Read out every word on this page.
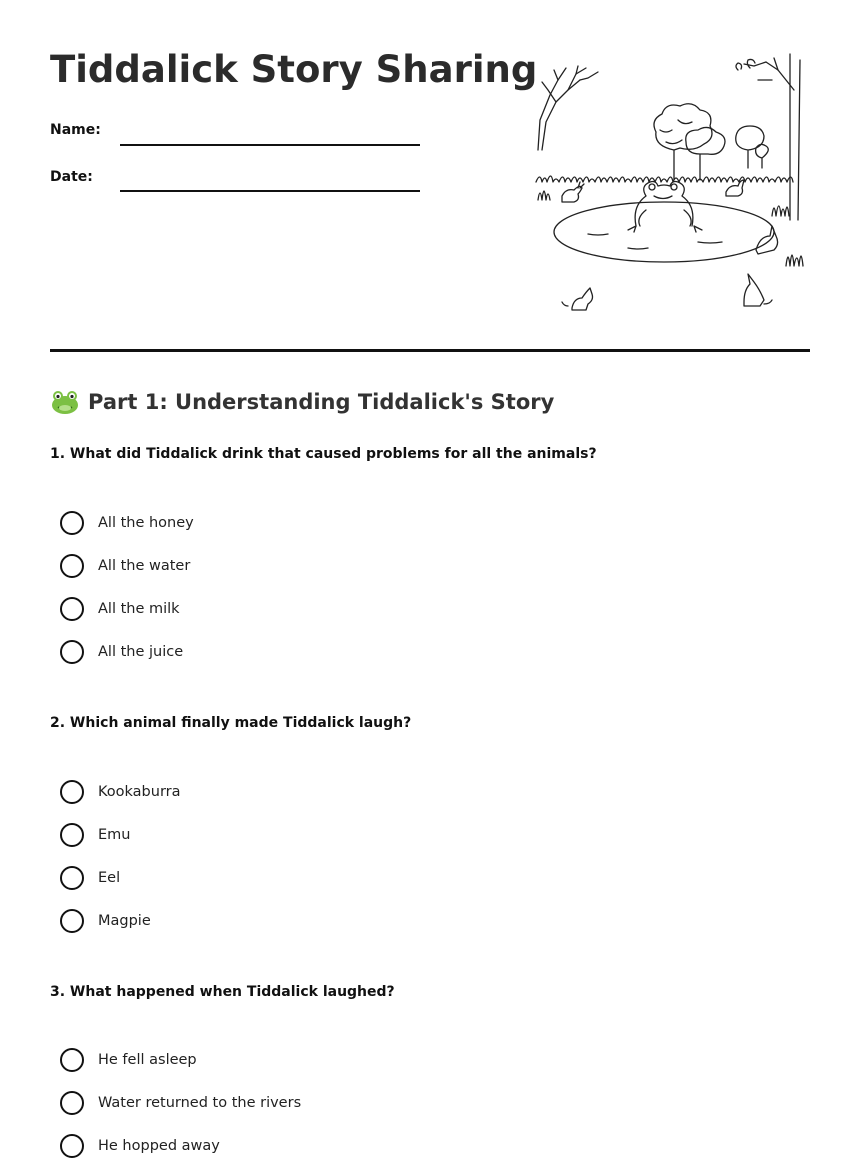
Tiddalick Story Sharing
Name:
Date:
Part 1: Understanding Tiddalick's Story

1. What did Tiddalick drink that caused problems for all the animals?

All the honey
All the water
All the milk
All the juice

2. Which animal finally made Tiddalick laugh?

Kookaburra
Emu
Eel
Magpie

3. What happened when Tiddalick laughed?

He fell asleep
Water returned to the rivers
He hopped away
